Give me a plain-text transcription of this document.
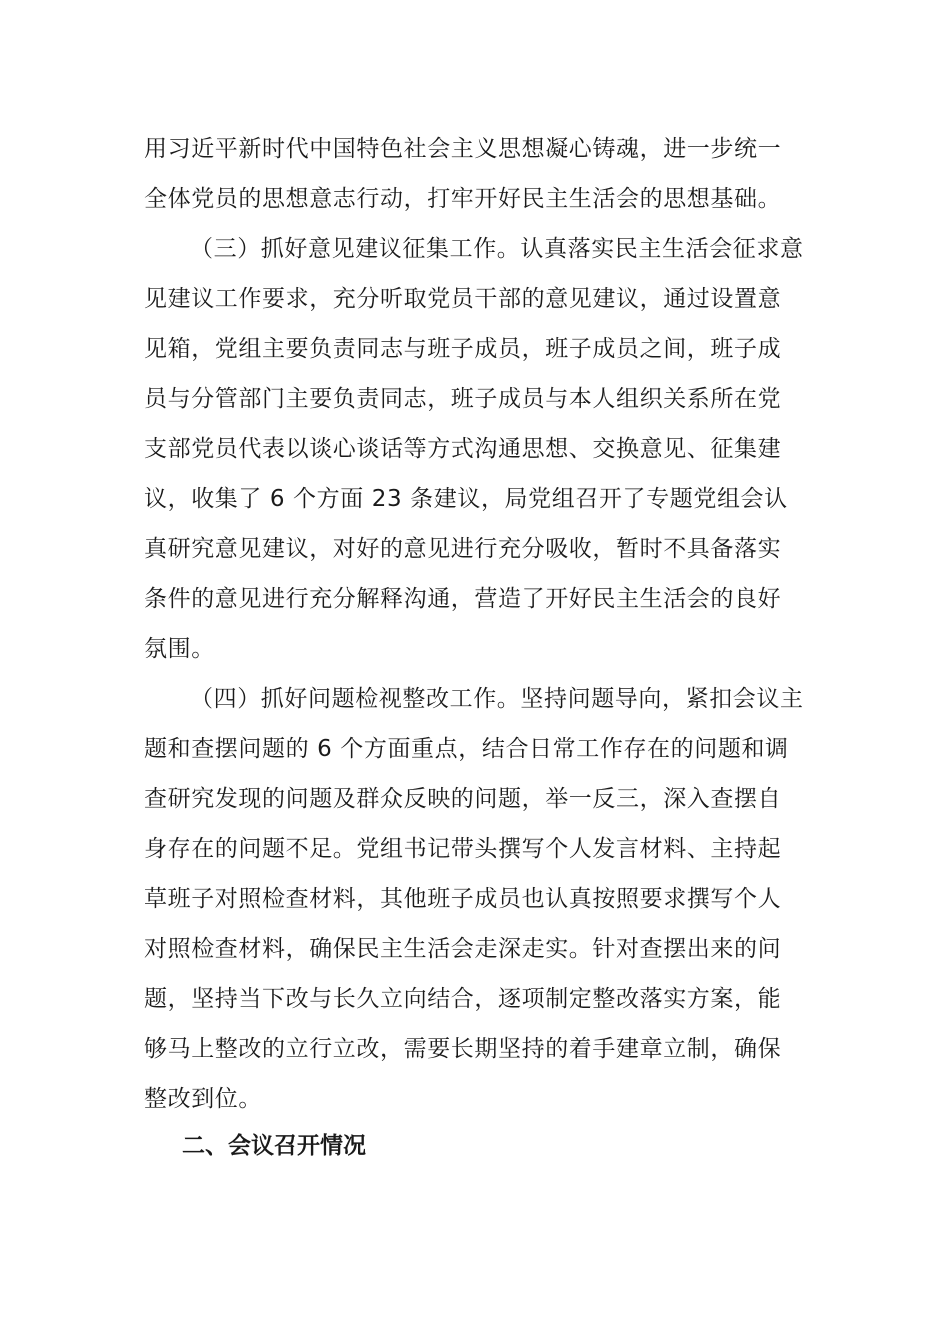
用习近平新时代中国特色社会主义思想凝心铸魂，进一步统一
全体党员的思想意志行动，打牢开好民主生活会的思想基础。
（三）抓好意见建议征集工作。认真落实民主生活会征求意
见建议工作要求，充分听取党员干部的意见建议，通过设置意
见箱，党组主要负责同志与班子成员，班子成员之间，班子成
员与分管部门主要负责同志，班子成员与本人组织关系所在党
支部党员代表以谈心谈话等方式沟通思想、交换意见、征集建
议，收集了 6 个方面 23 条建议，局党组召开了专题党组会认
真研究意见建议，对好的意见进行充分吸收，暂时不具备落实
条件的意见进行充分解释沟通，营造了开好民主生活会的良好
氛围。
（四）抓好问题检视整改工作。坚持问题导向，紧扣会议主
题和查摆问题的 6 个方面重点，结合日常工作存在的问题和调
查研究发现的问题及群众反映的问题，举一反三，深入查摆自
身存在的问题不足。党组书记带头撰写个人发言材料、主持起
草班子对照检查材料，其他班子成员也认真按照要求撰写个人
对照检查材料，确保民主生活会走深走实。针对查摆出来的问
题，坚持当下改与长久立向结合，逐项制定整改落实方案，能
够马上整改的立行立改，需要长期坚持的着手建章立制，确保
整改到位。
二、会议召开情况
